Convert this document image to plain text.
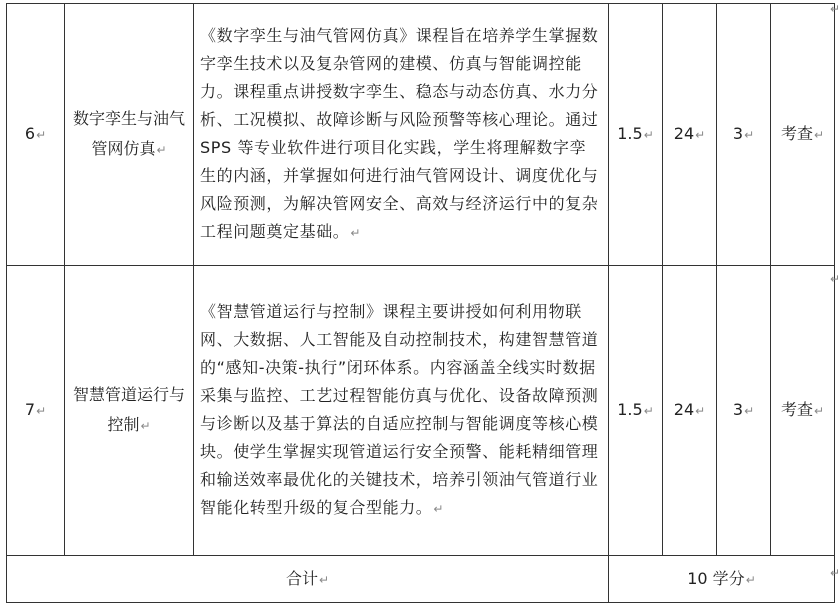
6↵	数字孪生与油气管网仿真↵	《数字孪生与油气管网仿真》课程旨在培养学生掌握数字孪生技术以及复杂管网的建模、仿真与智能调控能力。课程重点讲授数字孪生、稳态与动态仿真、水力分析、工况模拟、故障诊断与风险预警等核心理论。通过 SPS 等专业软件进行项目化实践，学生将理解数字孪生的内涵，并掌握如何进行油气管网设计、调度优化与风险预测，为解决管网安全、高效与经济运行中的复杂工程问题奠定基础。↵	1.5↵	24↵	3↵	考查↵
7↵	智慧管道运行与控制↵	《智慧管道运行与控制》课程主要讲授如何利用物联网、大数据、人工智能及自动控制技术，构建智慧管道的“感知-决策-执行”闭环体系。内容涵盖全线实时数据采集与监控、工艺过程智能仿真与优化、设备故障预测与诊断以及基于算法的自适应控制与智能调度等核心模块。使学生掌握实现管道运行安全预警、能耗精细管理和输送效率最优化的关键技术，培养引领油气管道行业智能化转型升级的复合型能力。↵	1.5↵	24↵	3↵	考查↵
合计↵			10 学分↵			
↵
↵
↵
